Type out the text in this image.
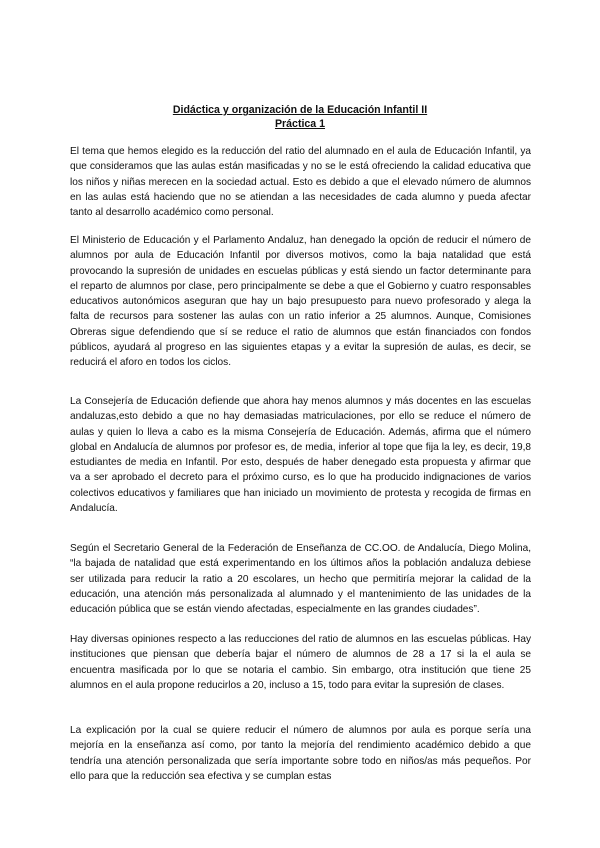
Didáctica y organización de la Educación Infantil II
Práctica 1

El tema que hemos elegido es la reducción del ratio del alumnado en el aula de Educación Infantil, ya que consideramos que las aulas están masificadas y no se le está ofreciendo la calidad educativa que los niños y niñas merecen en la sociedad actual. Esto es debido a que el elevado número de alumnos en las aulas está haciendo que no se atiendan a las necesidades de cada alumno y pueda afectar tanto al desarrollo académico como personal.

El Ministerio de Educación y el Parlamento Andaluz, han denegado la opción de reducir el número de alumnos por aula de Educación Infantil por diversos motivos, como la baja natalidad que está provocando la supresión de unidades en escuelas públicas y está siendo un factor determinante para el reparto de alumnos por clase, pero principalmente se debe a que el Gobierno y cuatro responsables educativos autonómicos aseguran que hay un bajo presupuesto para nuevo profesorado y alega la falta de recursos para sostener las aulas con un ratio inferior a 25 alumnos. Aunque, Comisiones Obreras sigue defendiendo que sí se reduce el ratio de alumnos que están financiados con fondos públicos, ayudará al progreso en las siguientes etapas y a evitar la supresión de aulas, es decir, se reducirá el aforo en todos los ciclos.

La Consejería de Educación defiende que ahora hay menos alumnos y más docentes en las escuelas andaluzas,esto debido a que no hay demasiadas matriculaciones, por ello se reduce el número de aulas y quien lo lleva a cabo es la misma Consejería de Educación. Además, afirma que el número global en Andalucía de alumnos por profesor es, de media, inferior al tope que fija la ley, es decir, 19,8 estudiantes de media en Infantil. Por esto, después de haber denegado esta propuesta y afirmar que va a ser aprobado el decreto para el próximo curso, es lo que ha producido indignaciones de varios colectivos educativos y familiares que han iniciado un movimiento de protesta y recogida de firmas en Andalucía.

Según el Secretario General de la Federación de Enseñanza de CC.OO. de Andalucía, Diego Molina, “la bajada de natalidad que está experimentando en los últimos años la población andaluza debiese ser utilizada para reducir la ratio a 20 escolares, un hecho que permitiría mejorar la calidad de la educación, una atención más personalizada al alumnado y el mantenimiento de las unidades de la educación pública que se están viendo afectadas, especialmente en las grandes ciudades”.

Hay diversas opiniones respecto a las reducciones del ratio de alumnos en las escuelas públicas. Hay instituciones que piensan que debería bajar el número de alumnos de 28 a 17 si la el aula se encuentra masificada por lo que se notaria el cambio. Sin embargo, otra institución que tiene 25 alumnos en el aula propone reducirlos a 20, incluso a 15, todo para evitar la supresión de clases.

La explicación por la cual se quiere reducir el número de alumnos por aula es porque sería una mejoría en la enseñanza así como, por tanto la mejoría del rendimiento académico debido a que tendría una atención personalizada que sería importante sobre todo en niños/as más pequeños. Por ello para que la reducción sea efectiva y se cumplan estas
